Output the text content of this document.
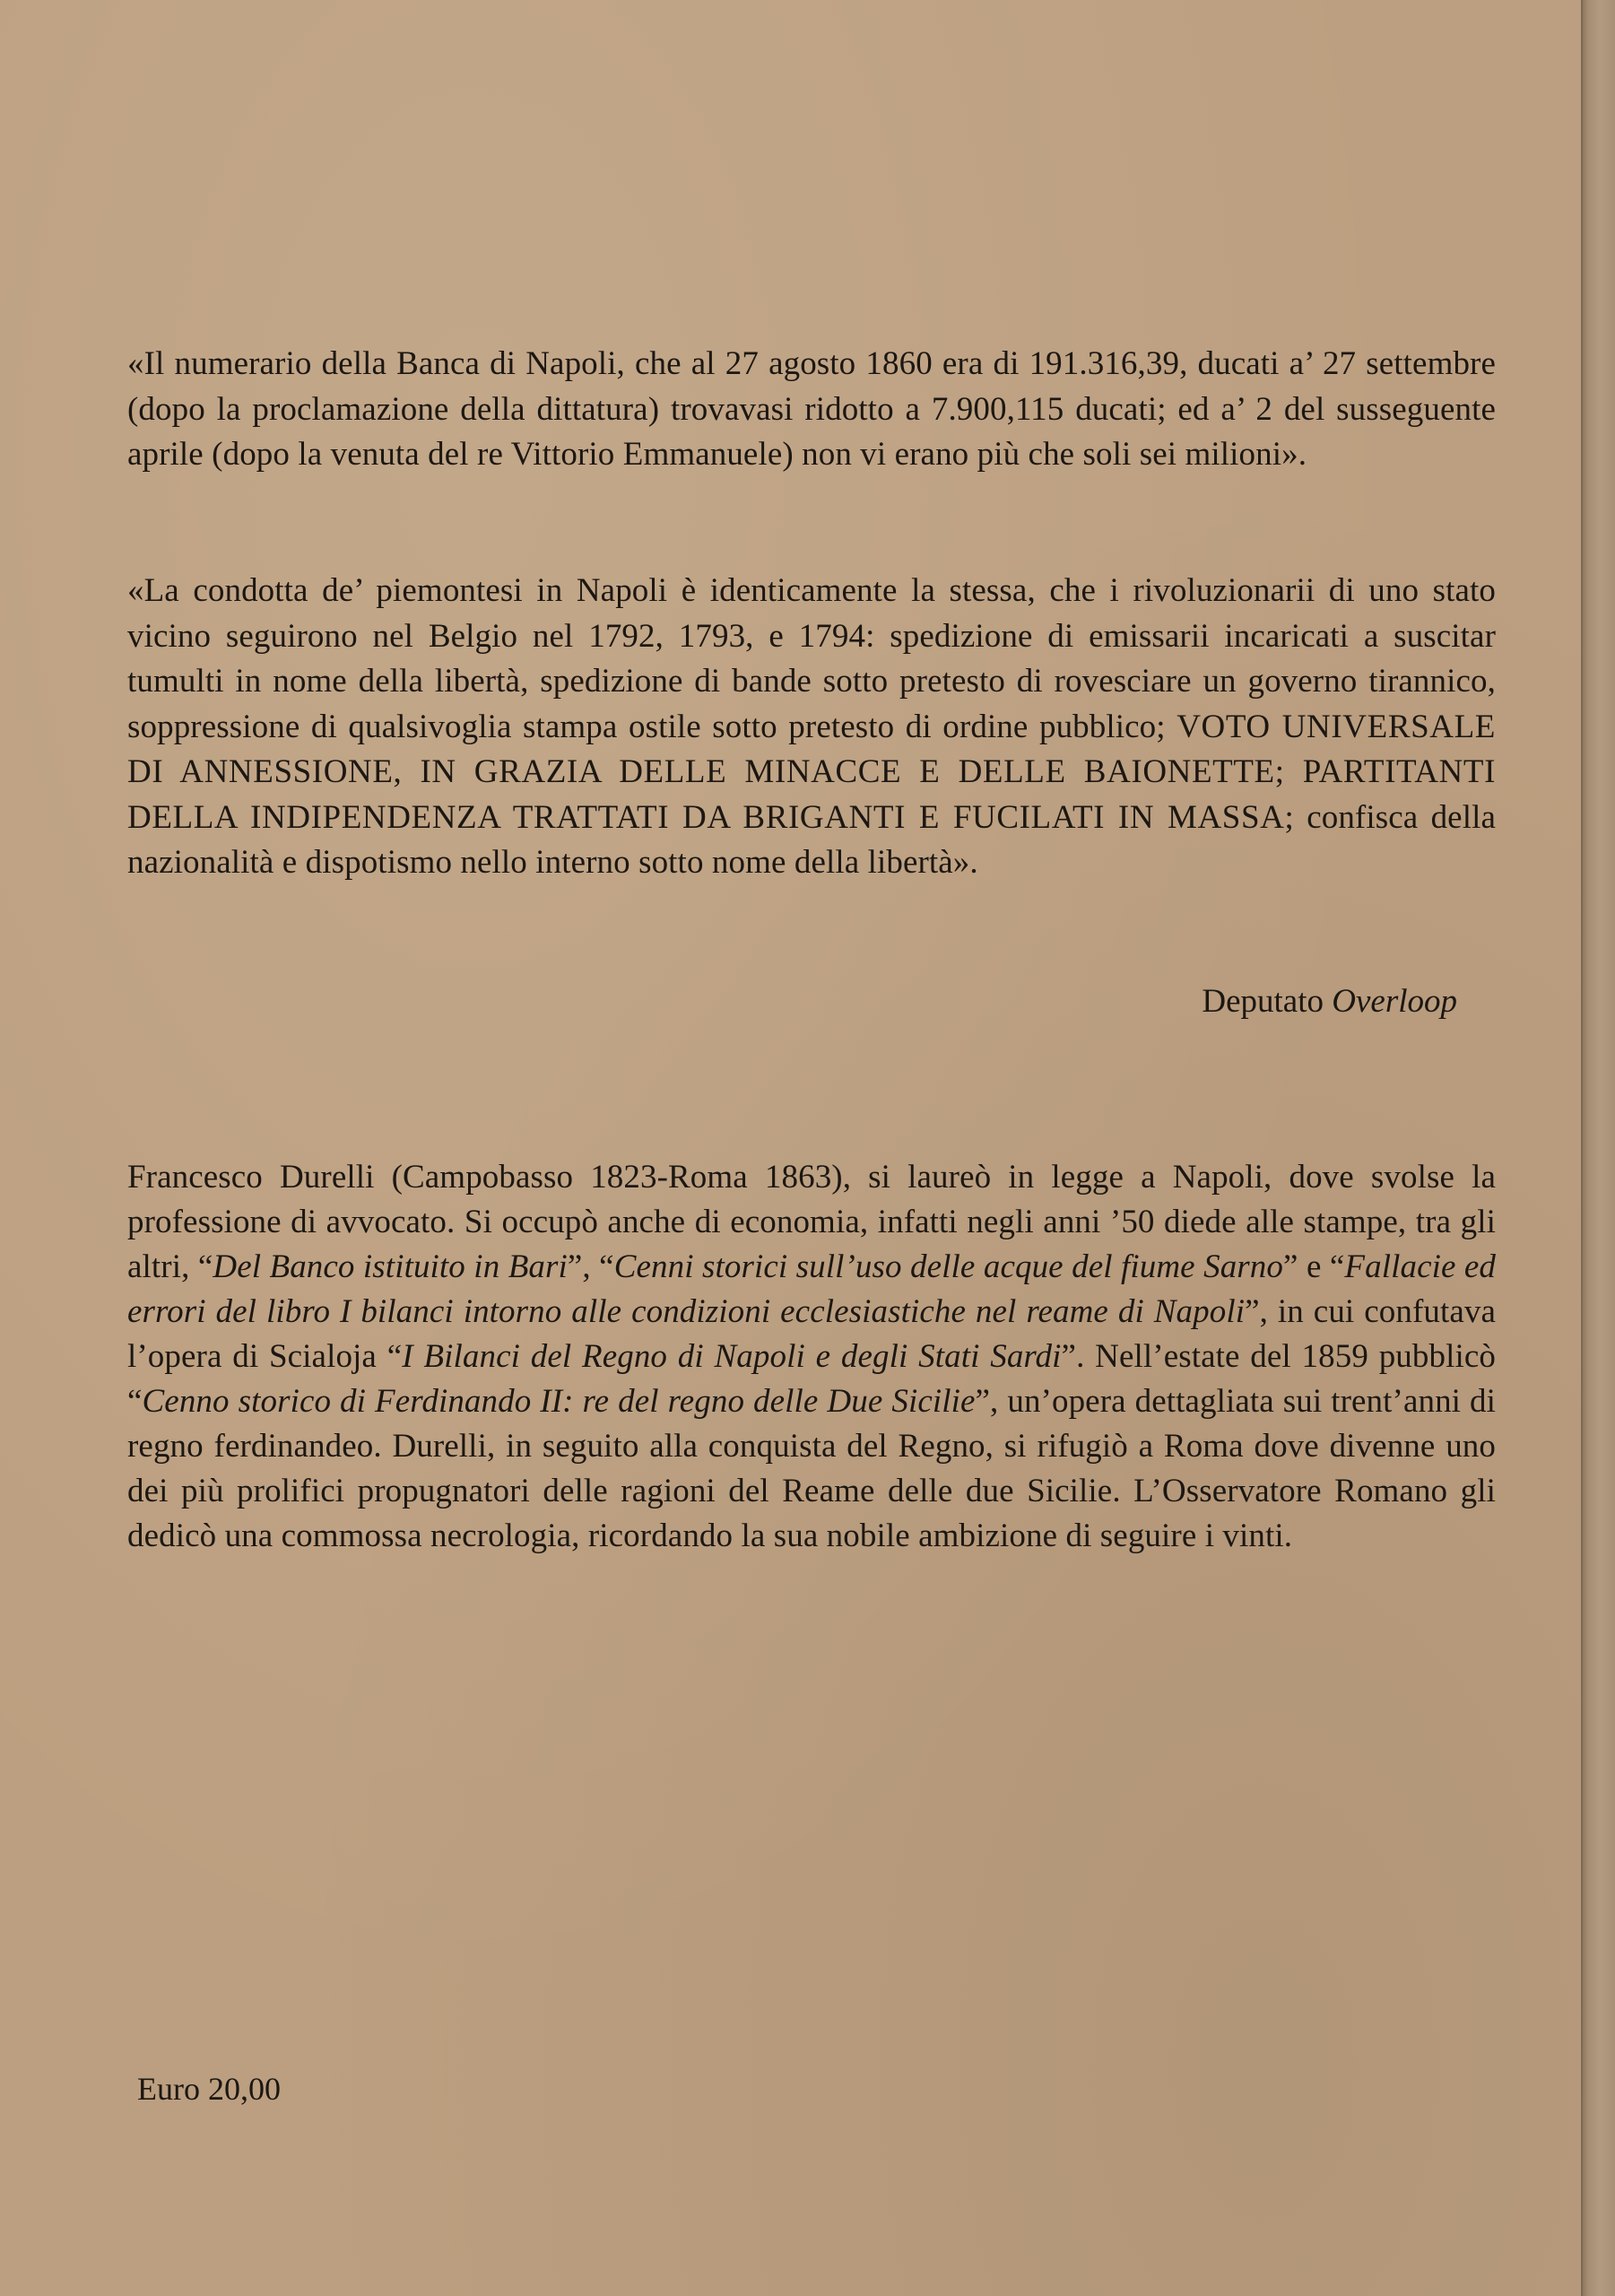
«Il numerario della Banca di Napoli, che al 27 agosto 1860 era di 191.316,39, ducati a’ 27 settembre (dopo la proclamazione della dittatura) trovavasi ridotto a 7.900,115 ducati; ed a’ 2 del susseguente aprile (dopo la venuta del re Vittorio Emmanuele) non vi erano più che soli sei milioni».

«La condotta de’ piemontesi in Napoli è identicamente la stessa, che i rivoluzionarii di uno stato vicino seguirono nel Belgio nel 1792, 1793, e 1794: spedizione di emissarii incaricati a suscitar tumulti in nome della libertà, spedizione di bande sotto pretesto di rovesciare un governo tirannico, soppressione di qualsivoglia stampa ostile sotto pretesto di ordine pubblico; VOTO UNIVERSALE DI ANNESSIONE, IN GRAZIA DELLE MINACCE E DELLE BAIONETTE; PARTITANTI DELLA INDIPENDENZA TRATTATI DA BRIGANTI E FUCILATI IN MASSA; confisca della nazionalità e dispotismo nello interno sotto nome della libertà».

Deputato Overloop

Francesco Durelli (Campobasso 1823-Roma 1863), si laureò in legge a Napoli, dove svolse la professione di avvocato. Si occupò anche di economia, infatti negli anni ’50 diede alle stampe, tra gli altri, “Del Banco istituito in Bari”, “Cenni storici sull’uso delle acque del fiume Sarno” e “Fallacie ed errori del libro I bilanci intorno alle condizioni ecclesiastiche nel reame di Napoli”, in cui confutava l’opera di Scialoja “I Bilanci del Regno di Napoli e degli Stati Sardi”. Nell’estate del 1859 pubblicò “Cenno storico di Ferdinando II: re del regno delle Due Sicilie”, un’opera dettagliata sui trent’anni di regno ferdinandeo. Durelli, in seguito alla conquista del Regno, si rifugiò a Roma dove divenne uno dei più prolifici propugnatori delle ragioni del Reame delle due Sicilie. L’Osservatore Romano gli dedicò una commossa necrologia, ricordando la sua nobile ambizione di seguire i vinti.

Euro 20,00
